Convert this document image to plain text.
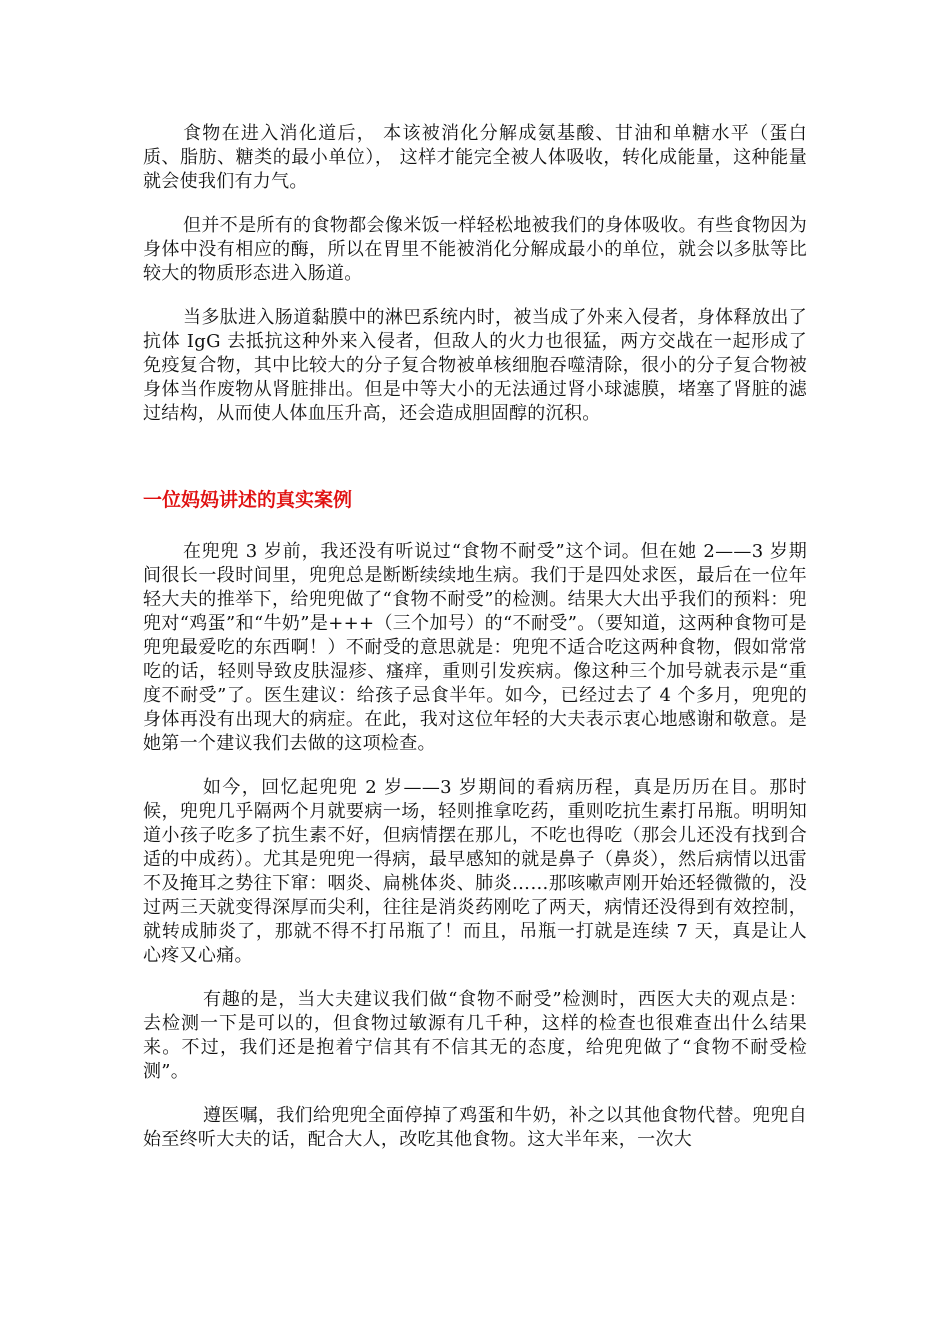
食物在进入消化道后， 本该被消化分解成氨基酸、甘油和单糖水平（蛋白质、脂肪、糖类的最小单位）， 这样才能完全被人体吸收，转化成能量，这种能量就会使我们有力气。

但并不是所有的食物都会像米饭一样轻松地被我们的身体吸收。有些食物因为身体中没有相应的酶，所以在胃里不能被消化分解成最小的单位，就会以多肽等比较大的物质形态进入肠道。

当多肽进入肠道黏膜中的淋巴系统内时，被当成了外来入侵者，身体释放出了抗体 IgG 去抵抗这种外来入侵者，但敌人的火力也很猛，两方交战在一起形成了免疫复合物，其中比较大的分子复合物被单核细胞吞噬清除，很小的分子复合物被身体当作废物从肾脏排出。但是中等大小的无法通过肾小球滤膜，堵塞了肾脏的滤过结构，从而使人体血压升高，还会造成胆固醇的沉积。

一位妈妈讲述的真实案例

在兜兜 3 岁前，我还没有听说过“食物不耐受”这个词。但在她 2——3 岁期间很长一段时间里，兜兜总是断断续续地生病。我们于是四处求医，最后在一位年轻大夫的推举下，给兜兜做了“食物不耐受”的检测。结果大大出乎我们的预料：兜兜对“鸡蛋”和“牛奶”是+++（三个加号）的“不耐受”。（要知道，这两种食物可是兜兜最爱吃的东西啊！）不耐受的意思就是：兜兜不适合吃这两种食物，假如常常吃的话，轻则导致皮肤湿疹、瘙痒，重则引发疾病。像这种三个加号就表示是“重度不耐受”了。医生建议：给孩子忌食半年。如今，已经过去了 4 个多月，兜兜的身体再没有出现大的病症。在此，我对这位年轻的大夫表示衷心地感谢和敬意。是她第一个建议我们去做的这项检查。

如今，回忆起兜兜 2 岁——3 岁期间的看病历程，真是历历在目。那时候，兜兜几乎隔两个月就要病一场，轻则推拿吃药，重则吃抗生素打吊瓶。明明知道小孩子吃多了抗生素不好，但病情摆在那儿，不吃也得吃（那会儿还没有找到合适的中成药）。尤其是兜兜一得病，最早感知的就是鼻子（鼻炎），然后病情以迅雷不及掩耳之势往下窜：咽炎、扁桃体炎、肺炎……那咳嗽声刚开始还轻微微的，没过两三天就变得深厚而尖利，往往是消炎药刚吃了两天，病情还没得到有效控制，就转成肺炎了，那就不得不打吊瓶了！而且，吊瓶一打就是连续 7 天，真是让人心疼又心痛。

有趣的是，当大夫建议我们做“食物不耐受”检测时，西医大夫的观点是： 去检测一下是可以的，但食物过敏源有几千种，这样的检查也很难查出什么结果来。不过，我们还是抱着宁信其有不信其无的态度，给兜兜做了“食物不耐受检测”。

遵医嘱，我们给兜兜全面停掉了鸡蛋和牛奶，补之以其他食物代替。兜兜自始至终听大夫的话，配合大人，改吃其他食物。这大半年来，一次大
